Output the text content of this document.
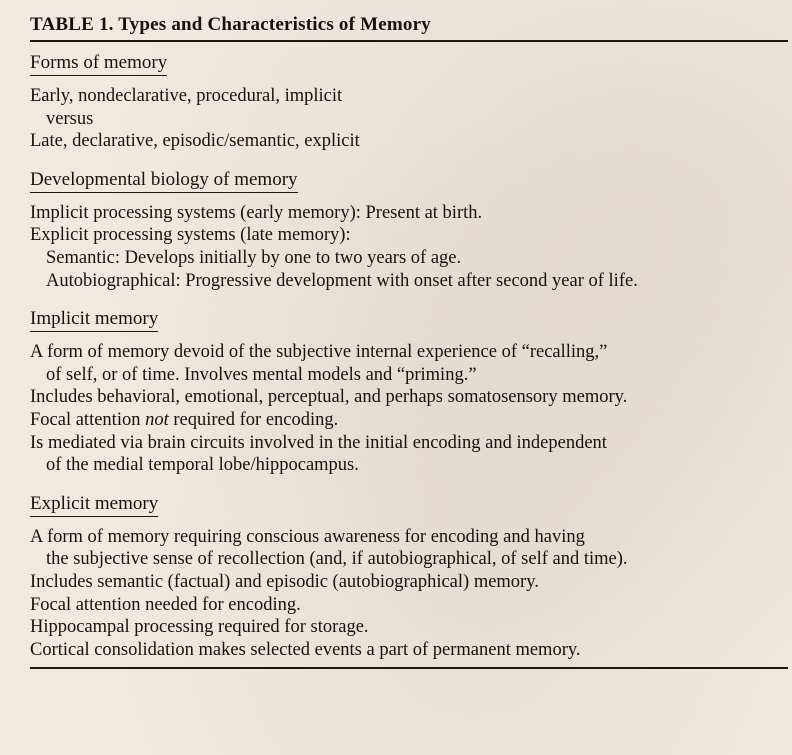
TABLE 1. Types and Characteristics of Memory
Forms of memory
Early, nondeclarative, procedural, implicit
versus
Late, declarative, episodic/semantic, explicit
Developmental biology of memory
Implicit processing systems (early memory): Present at birth.
Explicit processing systems (late memory):
Semantic: Develops initially by one to two years of age.
Autobiographical: Progressive development with onset after second year of life.
Implicit memory
A form of memory devoid of the subjective internal experience of “recalling,”
of self, or of time. Involves mental models and “priming.”
Includes behavioral, emotional, perceptual, and perhaps somatosensory memory.
Focal attention not required for encoding.
Is mediated via brain circuits involved in the initial encoding and independent
of the medial temporal lobe/hippocampus.
Explicit memory
A form of memory requiring conscious awareness for encoding and having
the subjective sense of recollection (and, if autobiographical, of self and time).
Includes semantic (factual) and episodic (autobiographical) memory.
Focal attention needed for encoding.
Hippocampal processing required for storage.
Cortical consolidation makes selected events a part of permanent memory.
